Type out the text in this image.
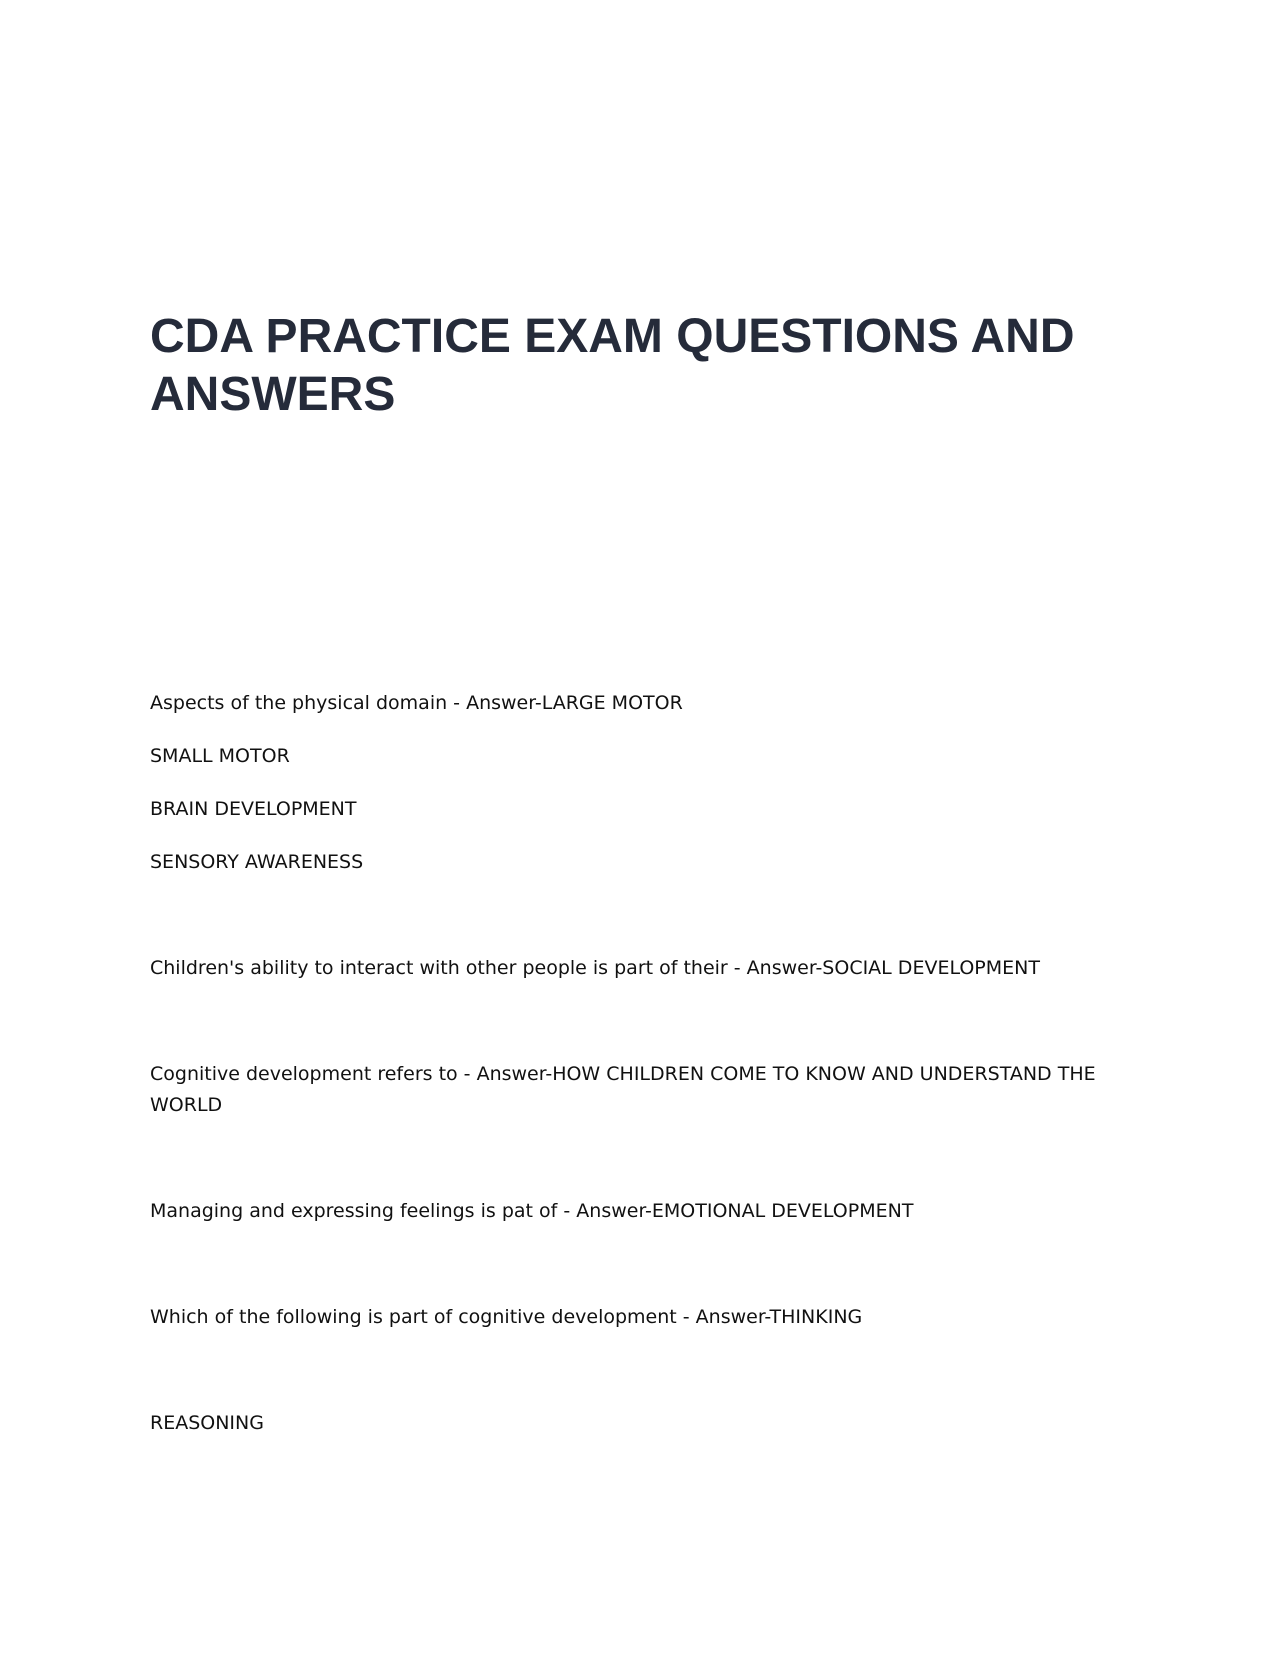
CDA PRACTICE EXAM QUESTIONS AND ANSWERS

Aspects of the physical domain - Answer-LARGE MOTOR

SMALL MOTOR

BRAIN DEVELOPMENT

SENSORY AWARENESS

Children's ability to interact with other people is part of their - Answer-SOCIAL DEVELOPMENT

Cognitive development refers to - Answer-HOW CHILDREN COME TO KNOW AND UNDERSTAND THE WORLD

Managing and expressing feelings is pat of - Answer-EMOTIONAL DEVELOPMENT

Which of the following is part of cognitive development - Answer-THINKING

REASONING
